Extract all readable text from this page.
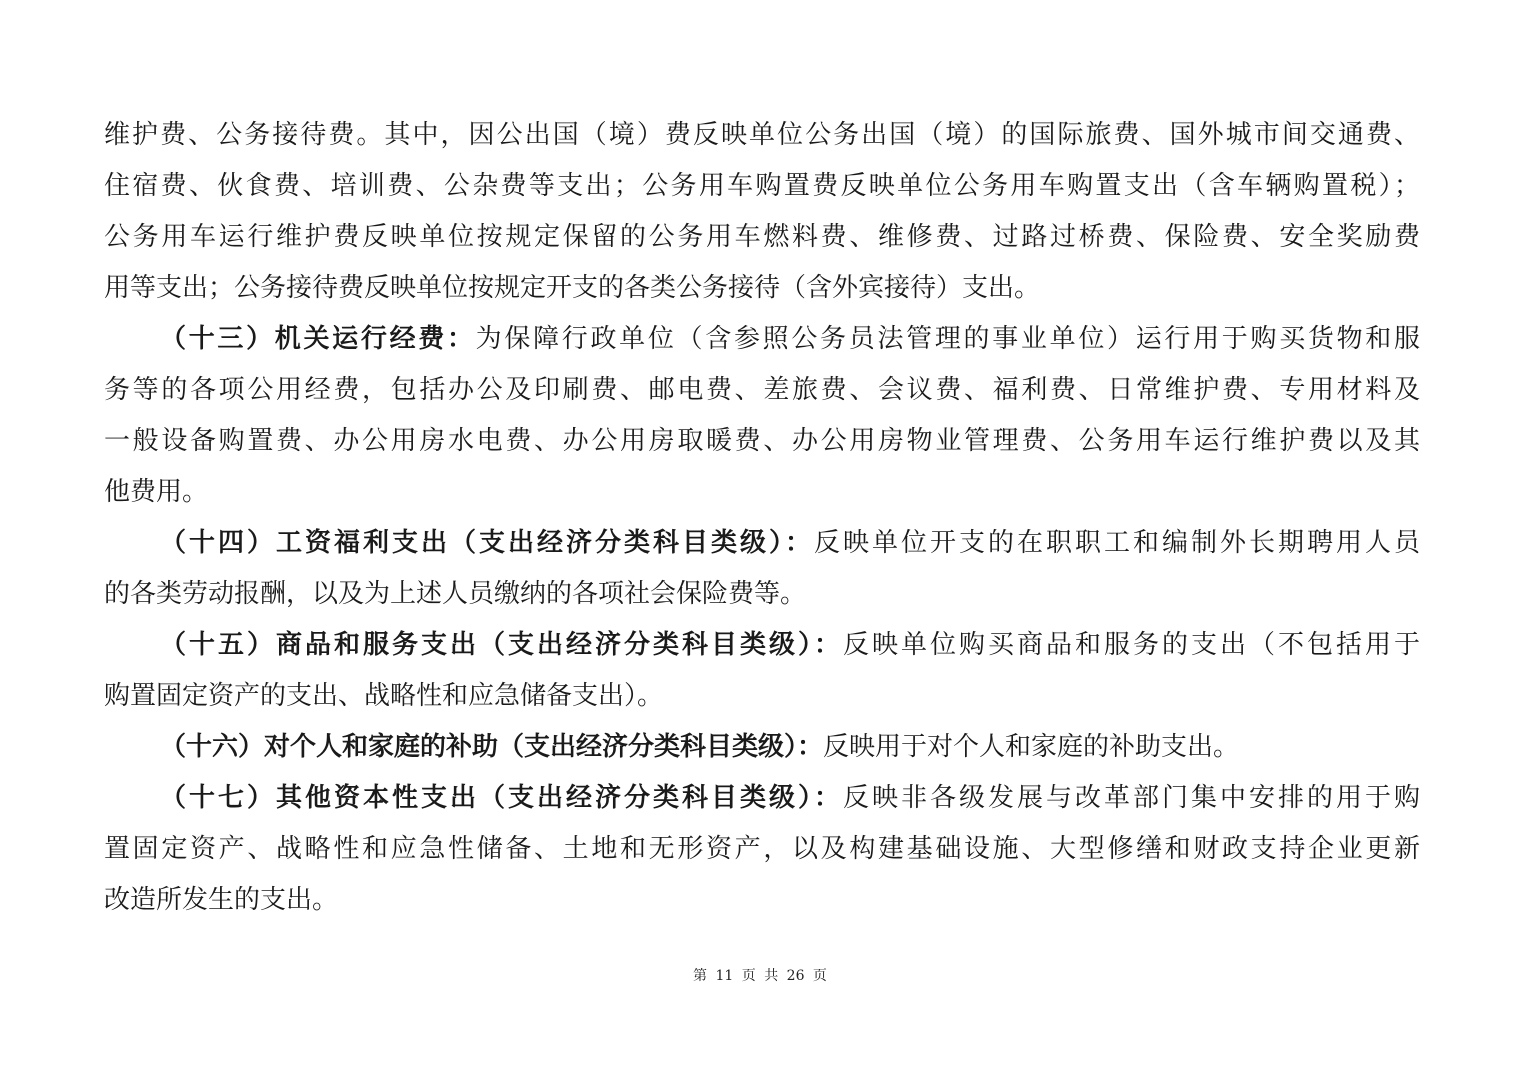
维护费、公务接待费。其中，因公出国（境）费反映单位公务出国（境）的国际旅费、国外城市间交通费、
住宿费、伙食费、培训费、公杂费等支出；公务用车购置费反映单位公务用车购置支出（含车辆购置税）；
公务用车运行维护费反映单位按规定保留的公务用车燃料费、维修费、过路过桥费、保险费、安全奖励费
用等支出；公务接待费反映单位按规定开支的各类公务接待（含外宾接待）支出。
（十三）机关运行经费：为保障行政单位（含参照公务员法管理的事业单位）运行用于购买货物和服
务等的各项公用经费，包括办公及印刷费、邮电费、差旅费、会议费、福利费、日常维护费、专用材料及
一般设备购置费、办公用房水电费、办公用房取暖费、办公用房物业管理费、公务用车运行维护费以及其
他费用。
（十四）工资福利支出（支出经济分类科目类级）：反映单位开支的在职职工和编制外长期聘用人员
的各类劳动报酬，以及为上述人员缴纳的各项社会保险费等。
（十五）商品和服务支出（支出经济分类科目类级）：反映单位购买商品和服务的支出（不包括用于
购置固定资产的支出、战略性和应急储备支出）。
（十六）对个人和家庭的补助（支出经济分类科目类级）：反映用于对个人和家庭的补助支出。
（十七）其他资本性支出（支出经济分类科目类级）：反映非各级发展与改革部门集中安排的用于购
置固定资产、战略性和应急性储备、土地和无形资产，以及构建基础设施、大型修缮和财政支持企业更新
改造所发生的支出。
第 11 页 共 26 页
